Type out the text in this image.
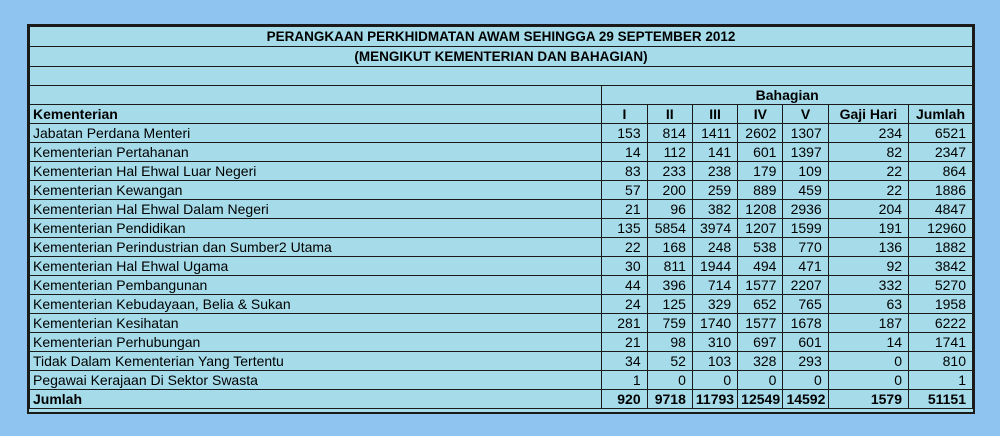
PERANGKAAN PERKHIDMATAN AWAM SEHINGGA 29 SEPTEMBER 2012							
(MENGIKUT KEMENTERIAN DAN BAHAGIAN)							

	Bahagian						
Kementerian	I	II	III	IV	V	Gaji Hari	Jumlah
Jabatan Perdana Menteri	153	814	1411	2602	1307	234	6521
Kementerian Pertahanan	14	112	141	601	1397	82	2347
Kementerian Hal Ehwal Luar Negeri	83	233	238	179	109	22	864
Kementerian Kewangan	57	200	259	889	459	22	1886
Kementerian Hal Ehwal Dalam Negeri	21	96	382	1208	2936	204	4847
Kementerian Pendidikan	135	5854	3974	1207	1599	191	12960
Kementerian Perindustrian dan Sumber2 Utama	22	168	248	538	770	136	1882
Kementerian Hal Ehwal Ugama	30	811	1944	494	471	92	3842
Kementerian Pembangunan	44	396	714	1577	2207	332	5270
Kementerian Kebudayaan, Belia & Sukan	24	125	329	652	765	63	1958
Kementerian Kesihatan	281	759	1740	1577	1678	187	6222
Kementerian Perhubungan	21	98	310	697	601	14	1741
Tidak Dalam Kementerian Yang Tertentu	34	52	103	328	293	0	810
Pegawai Kerajaan Di Sektor Swasta	1	0	0	0	0	0	1
Jumlah	920	9718	11793	12549	14592	1579	51151
